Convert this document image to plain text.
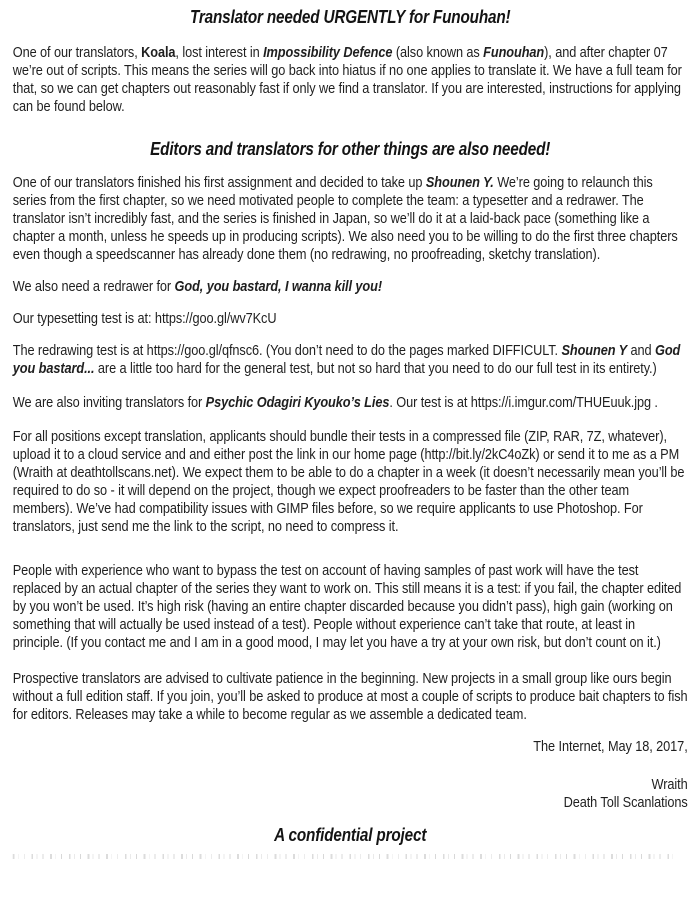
Translator needed URGENTLY for Funouhan!

One of our translators, Koala, lost interest in Impossibility Defence (also known as Funouhan), and after chapter 07 we’re out of scripts. This means the series will go back into hiatus if no one applies to translate it. We have a full team for that, so we can get chapters out reasonably fast if only we find a translator. If you are interested, instructions for applying can be found below.

Editors and translators for other things are also needed!

One of our translators finished his first assignment and decided to take up Shounen Y. We’re going to relaunch this series from the first chapter, so we need motivated people to complete the team: a typesetter and a redrawer. The translator isn’t incredibly fast, and the series is finished in Japan, so we’ll do it at a laid-back pace (something like a chapter a month, unless he speeds up in producing scripts). We also need you to be willing to do the first three chapters even though a speedscanner has already done them (no redrawing, no proofreading, sketchy translation).

We also need a redrawer for God, you bastard, I wanna kill you!

Our typesetting test is at: https://goo.gl/wv7KcU

The redrawing test is at https://goo.gl/qfnsc6. (You don’t need to do the pages marked DIFFICULT. Shounen Y and God you bastard... are a little too hard for the general test, but not so hard that you need to do our full test in its entirety.)

We are also inviting translators for Psychic Odagiri Kyouko’s Lies. Our test is at https://i.imgur.com/THUEuuk.jpg .

For all positions except translation, applicants should bundle their tests in a compressed file (ZIP, RAR, 7Z, whatever), upload it to a cloud service and and either post the link in our home page (http://bit.ly/2kC4oZk) or send it to me as a PM (Wraith at deathtollscans.net). We expect them to be able to do a chapter in a week (it doesn’t necessarily mean you’ll be required to do so - it will depend on the project, though we expect proofreaders to be faster than the other team members). We’ve had compatibility issues with GIMP files before, so we require applicants to use Photoshop. For translators, just send me the link to the script, no need to compress it.

People with experience who want to bypass the test on account of having samples of past work will have the test replaced by an actual chapter of the series they want to work on. This still means it is a test: if you fail, the chapter edited by you won’t be used. It’s high risk (having an entire chapter discarded because you didn’t pass), high gain (working on something that will actually be used instead of a test). People without experience can’t take that route, at least in principle. (If you contact me and I am in a good mood, I may let you have a try at your own risk, but don’t count on it.)

Prospective translators are advised to cultivate patience in the beginning. New projects in a small group like ours begin without a full edition staff. If you join, you’ll be asked to produce at most a couple of scripts to produce bait chapters to fish for editors. Releases may take a while to become regular as we assemble a dedicated team.

The Internet, May 18, 2017,

Wraith

Death Toll Scanlations

A confidential project
